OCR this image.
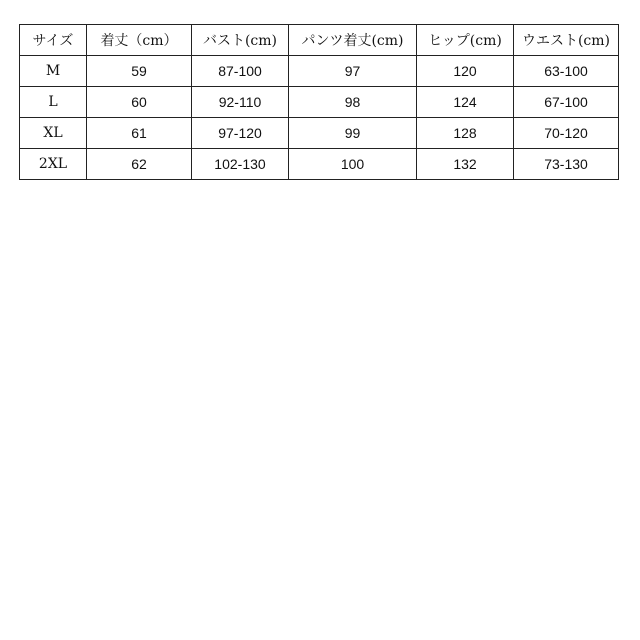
サイズ	着丈（cm）	バスト(cm)	パンツ着丈(cm)	ヒップ(cm)	ウエスト(cm)
M	59	87-100	97	120	63-100
L	60	92-110	98	124	67-100
XL	61	97-120	99	128	70-120
2XL	62	102-130	100	132	73-130
